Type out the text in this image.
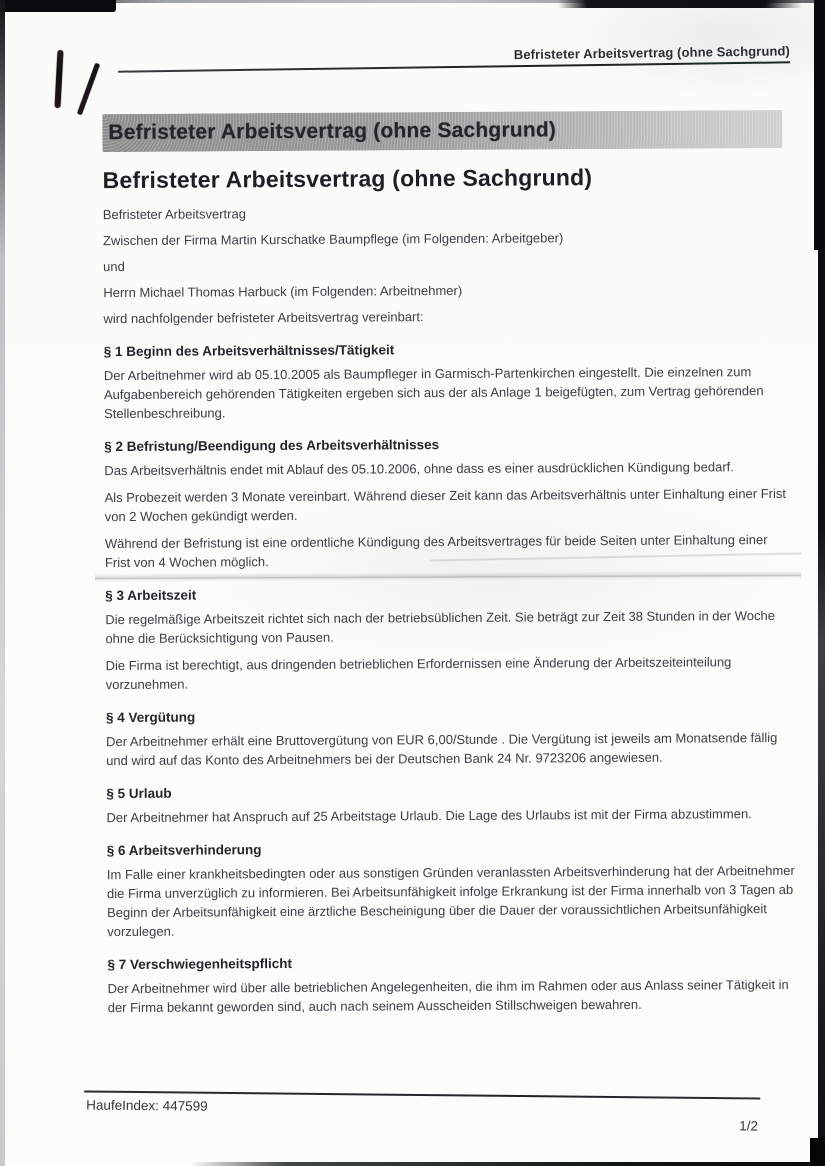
Befristeter Arbeitsvertrag (ohne Sachgrund)
Befristeter Arbeitsvertrag (ohne Sachgrund)
Befristeter Arbeitsvertrag (ohne Sachgrund)

Befristeter Arbeitsvertrag

Zwischen der Firma Martin Kurschatke Baumpflege (im Folgenden: Arbeitgeber)

und

Herrn Michael Thomas Harbuck (im Folgenden: Arbeitnehmer)

wird nachfolgender befristeter Arbeitsvertrag vereinbart:

§ 1 Beginn des Arbeitsverhältnisses/Tätigkeit

Der Arbeitnehmer wird ab 05.10.2005 als Baumpfleger in Garmisch-Partenkirchen eingestellt. Die einzelnen zum Aufgabenbereich gehörenden Tätigkeiten ergeben sich aus der als Anlage 1 beigefügten, zum Vertrag gehörenden Stellenbeschreibung.

§ 2 Befristung/Beendigung des Arbeitsverhältnisses

Das Arbeitsverhältnis endet mit Ablauf des 05.10.2006, ohne dass es einer ausdrücklichen Kündigung bedarf.

Als Probezeit werden 3 Monate vereinbart. Während dieser Zeit kann das Arbeitsverhältnis unter Einhaltung einer Frist von 2 Wochen gekündigt werden.

Während der Befristung ist eine ordentliche Kündigung des Arbeitsvertrages für beide Seiten unter Einhaltung einer Frist von 4 Wochen möglich.

§ 3 Arbeitszeit

Die regelmäßige Arbeitszeit richtet sich nach der betriebsüblichen Zeit. Sie beträgt zur Zeit 38 Stunden in der Woche ohne die Berücksichtigung von Pausen.

Die Firma ist berechtigt, aus dringenden betrieblichen Erfordernissen eine Änderung der Arbeitszeiteinteilung vorzunehmen.

§ 4 Vergütung

Der Arbeitnehmer erhält eine Bruttovergütung von EUR 6,00/Stunde . Die Vergütung ist jeweils am Monatsende fällig und wird auf das Konto des Arbeitnehmers bei der Deutschen Bank 24 Nr. 9723206 angewiesen.

§ 5 Urlaub

Der Arbeitnehmer hat Anspruch auf 25 Arbeitstage Urlaub. Die Lage des Urlaubs ist mit der Firma abzustimmen.

§ 6 Arbeitsverhinderung

Im Falle einer krankheitsbedingten oder aus sonstigen Gründen veranlassten Arbeitsverhinderung hat der Arbeitnehmer die Firma unverzüglich zu informieren. Bei Arbeitsunfähigkeit infolge Erkrankung ist der Firma innerhalb von 3 Tagen ab Beginn der Arbeitsunfähigkeit eine ärztliche Bescheinigung über die Dauer der voraussichtlichen Arbeitsunfähigkeit vorzulegen.

§ 7 Verschwiegenheitspflicht

Der Arbeitnehmer wird über alle betrieblichen Angelegenheiten, die ihm im Rahmen oder aus Anlass seiner Tätigkeit in der Firma bekannt geworden sind, auch nach seinem Ausscheiden Stillschweigen bewahren.

HaufeIndex: 447599
1/2
